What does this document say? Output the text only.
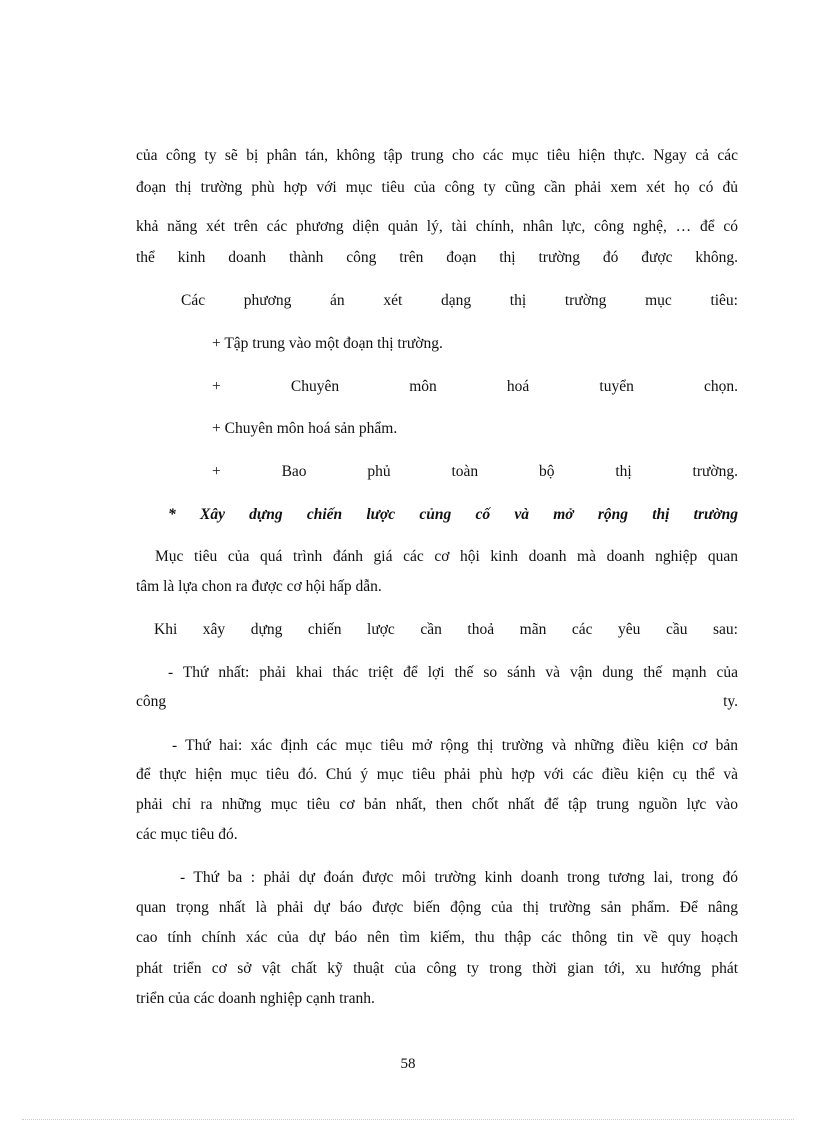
của công ty sẽ bị phân tán, không tập trung cho các mục tiêu hiện thực. Ngay cả các
đoạn thị trường phù hợp với mục tiêu của công ty cũng cần phải xem xét họ có đủ
khả năng xét trên các phương diện quản lý, tài chính, nhân lực, công nghệ, … để có
thể kinh doanh thành công trên đoạn thị trường đó được không.
Các phương án xét dạng thị trường mục tiêu:
+ Tập trung vào một đoạn thị trường.
+ Chuyên môn hoá tuyển chọn.
+ Chuyên môn hoá sản phẩm.
+ Bao phủ toàn bộ thị trường.
* Xây dựng chiến lược củng cố và mở rộng thị trường
Mục tiêu của quá trình đánh giá các cơ hội kinh doanh mà doanh nghiệp quan
tâm là lựa chon ra được cơ hội hấp dẫn.
Khi xây dựng chiến lược cần thoả mãn các yêu cầu sau:
- Thứ nhất: phải khai thác triệt để lợi thế so sánh và vận dung thế mạnh của
công	ty.
- Thứ hai: xác định các mục tiêu mở rộng thị trường và những điều kiện cơ bản
để thực hiện mục tiêu đó. Chú ý mục tiêu phải phù hợp với các điều kiện cụ thể và
phải chỉ ra những mục tiêu cơ bản nhất, then chốt nhất để tập trung nguồn lực vào
các mục tiêu đó.
- Thứ ba : phải dự đoán được môi trường kinh doanh trong tương lai, trong đó
quan trọng nhất là phải dự báo được biến động của thị trường sản phẩm. Để nâng
cao tính chính xác của dự báo nên tìm kiếm, thu thập các thông tin về quy hoạch
phát triển cơ sở vật chất kỹ thuật của công ty trong thời gian tới, xu hướng phát
triển của các doanh nghiệp cạnh tranh.
58
